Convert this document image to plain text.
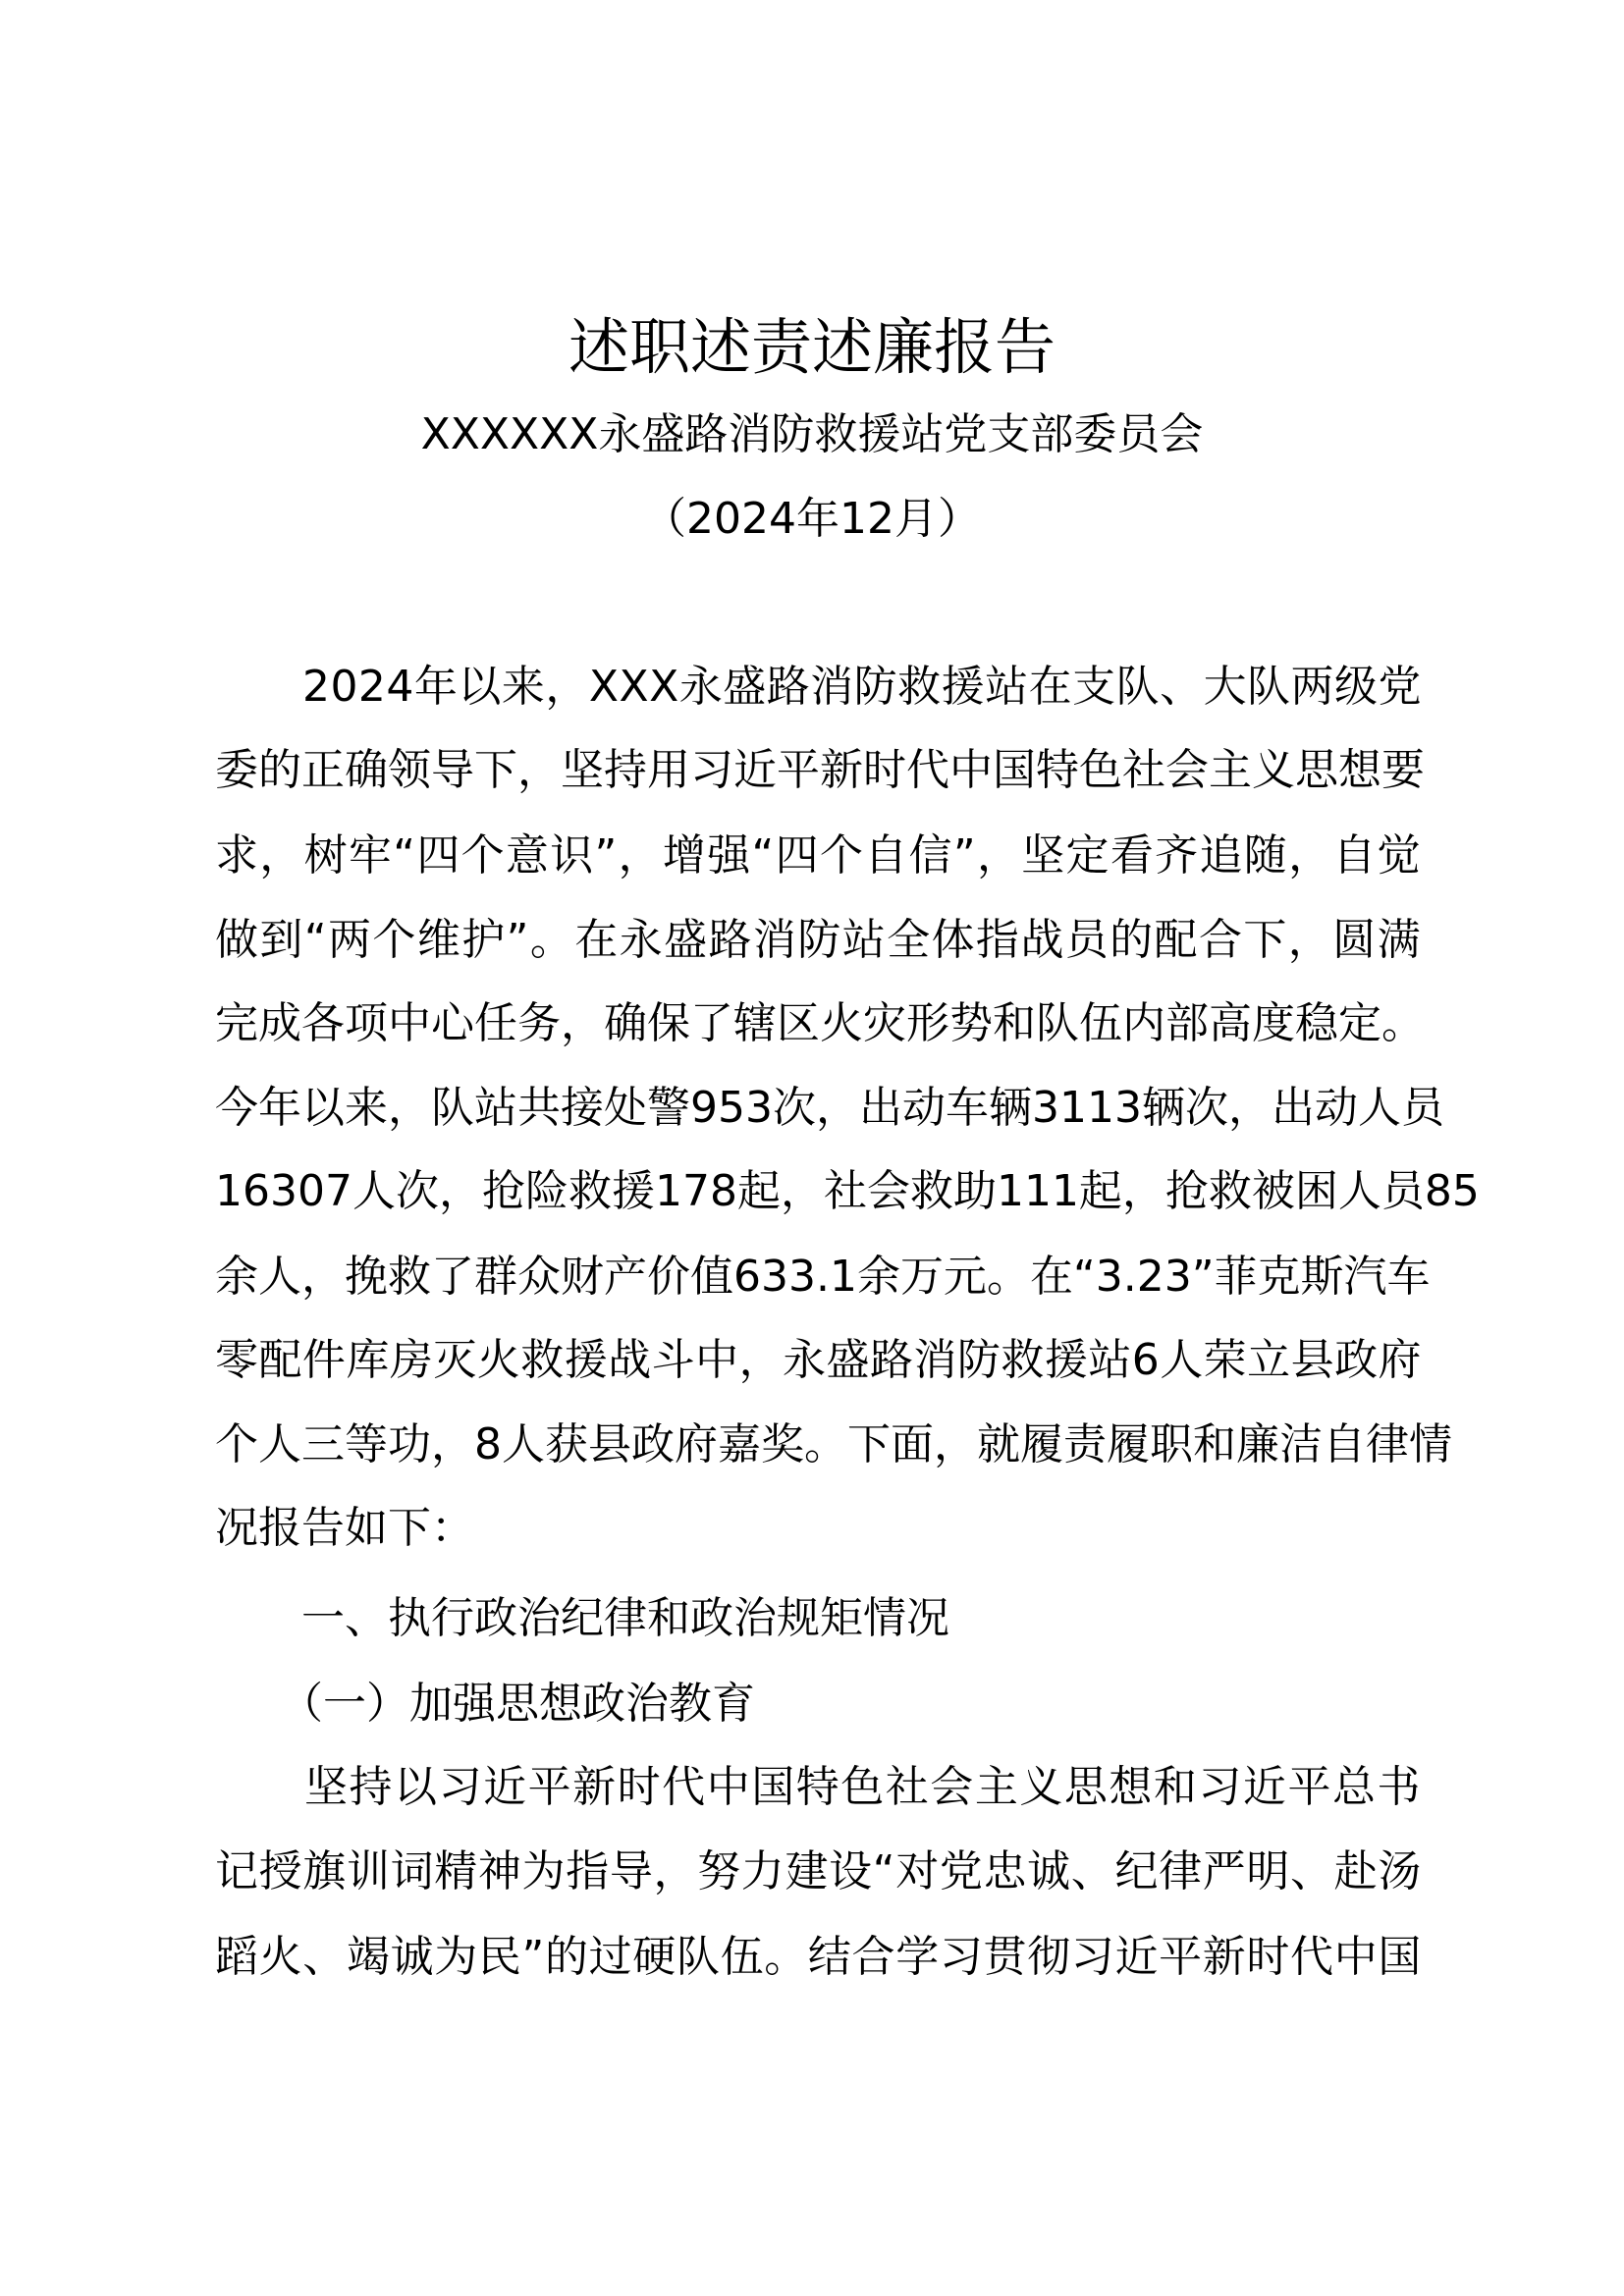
述职述责述廉报告
XXXXXX永盛路消防救援站党支部委员会
（2024年12月）
　　2024年以来，XXX永盛路消防救援站在支队、大队两级党
委的正确领导下，坚持用习近平新时代中国特色社会主义思想要
求，树牢“四个意识”，增强“四个自信”，坚定看齐追随，自觉
做到“两个维护”。在永盛路消防站全体指战员的配合下，圆满
完成各项中心任务，确保了辖区火灾形势和队伍内部高度稳定。
今年以来，队站共接处警953次，出动车辆3113辆次，出动人员
16307人次，抢险救援178起，社会救助111起，抢救被困人员85
余人，挽救了群众财产价值633.1余万元。在“3.23”菲克斯汽车
零配件库房灭火救援战斗中，永盛路消防救援站6人荣立县政府
个人三等功，8人获县政府嘉奖。下面，就履责履职和廉洁自律情
况报告如下：
　　一、执行政治纪律和政治规矩情况
　　（一）加强思想政治教育
　　坚持以习近平新时代中国特色社会主义思想和习近平总书
记授旗训词精神为指导，努力建设“对党忠诚、纪律严明、赴汤
蹈火、竭诚为民”的过硬队伍。结合学习贯彻习近平新时代中国
